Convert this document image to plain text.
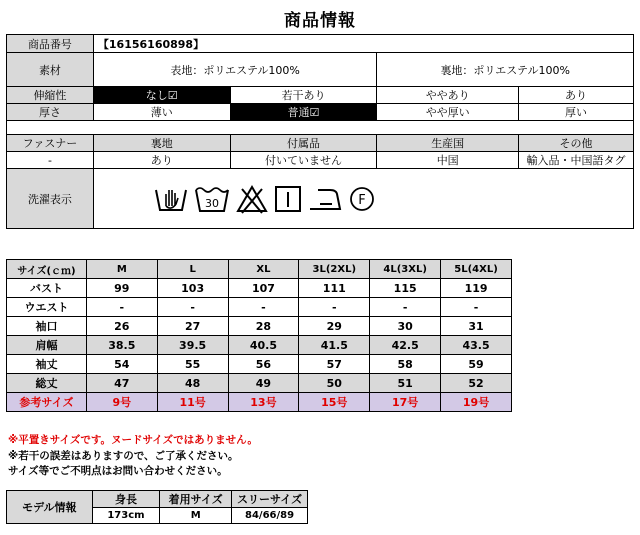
商品情報
商品番号	【16156160898】			
素材	表地：ポリエステル100%		裏地：ポリエステル100%	
伸縮性	なし☑	若干あり	ややあり	あり
厚さ	薄い	普通☑	やや厚い	厚い

ファスナー	裏地	付属品	生産国	その他
-	あり	付いていません	中国	輸入品・中国語タグ
洗濯表示	30 F			
サイズ(ｃｍ)	M	L	XL	3L(2XL)	4L(3XL)	5L(4XL)
バスト	99	103	107	111	115	119
ウエスト	-	-	-	-	-	-
袖口	26	27	28	29	30	31
肩幅	38.5	39.5	40.5	41.5	42.5	43.5
袖丈	54	55	56	57	58	59
総丈	47	48	49	50	51	52
参考サイズ	9号	11号	13号	15号	17号	19号
※平置きサイズです。ヌードサイズではありません。
※若干の誤差はありますので、ご了承ください。
サイズ等でご不明点はお問い合わせください。
モデル情報	身長	着用サイズ	スリーサイズ
	173cm	M	84/66/89
